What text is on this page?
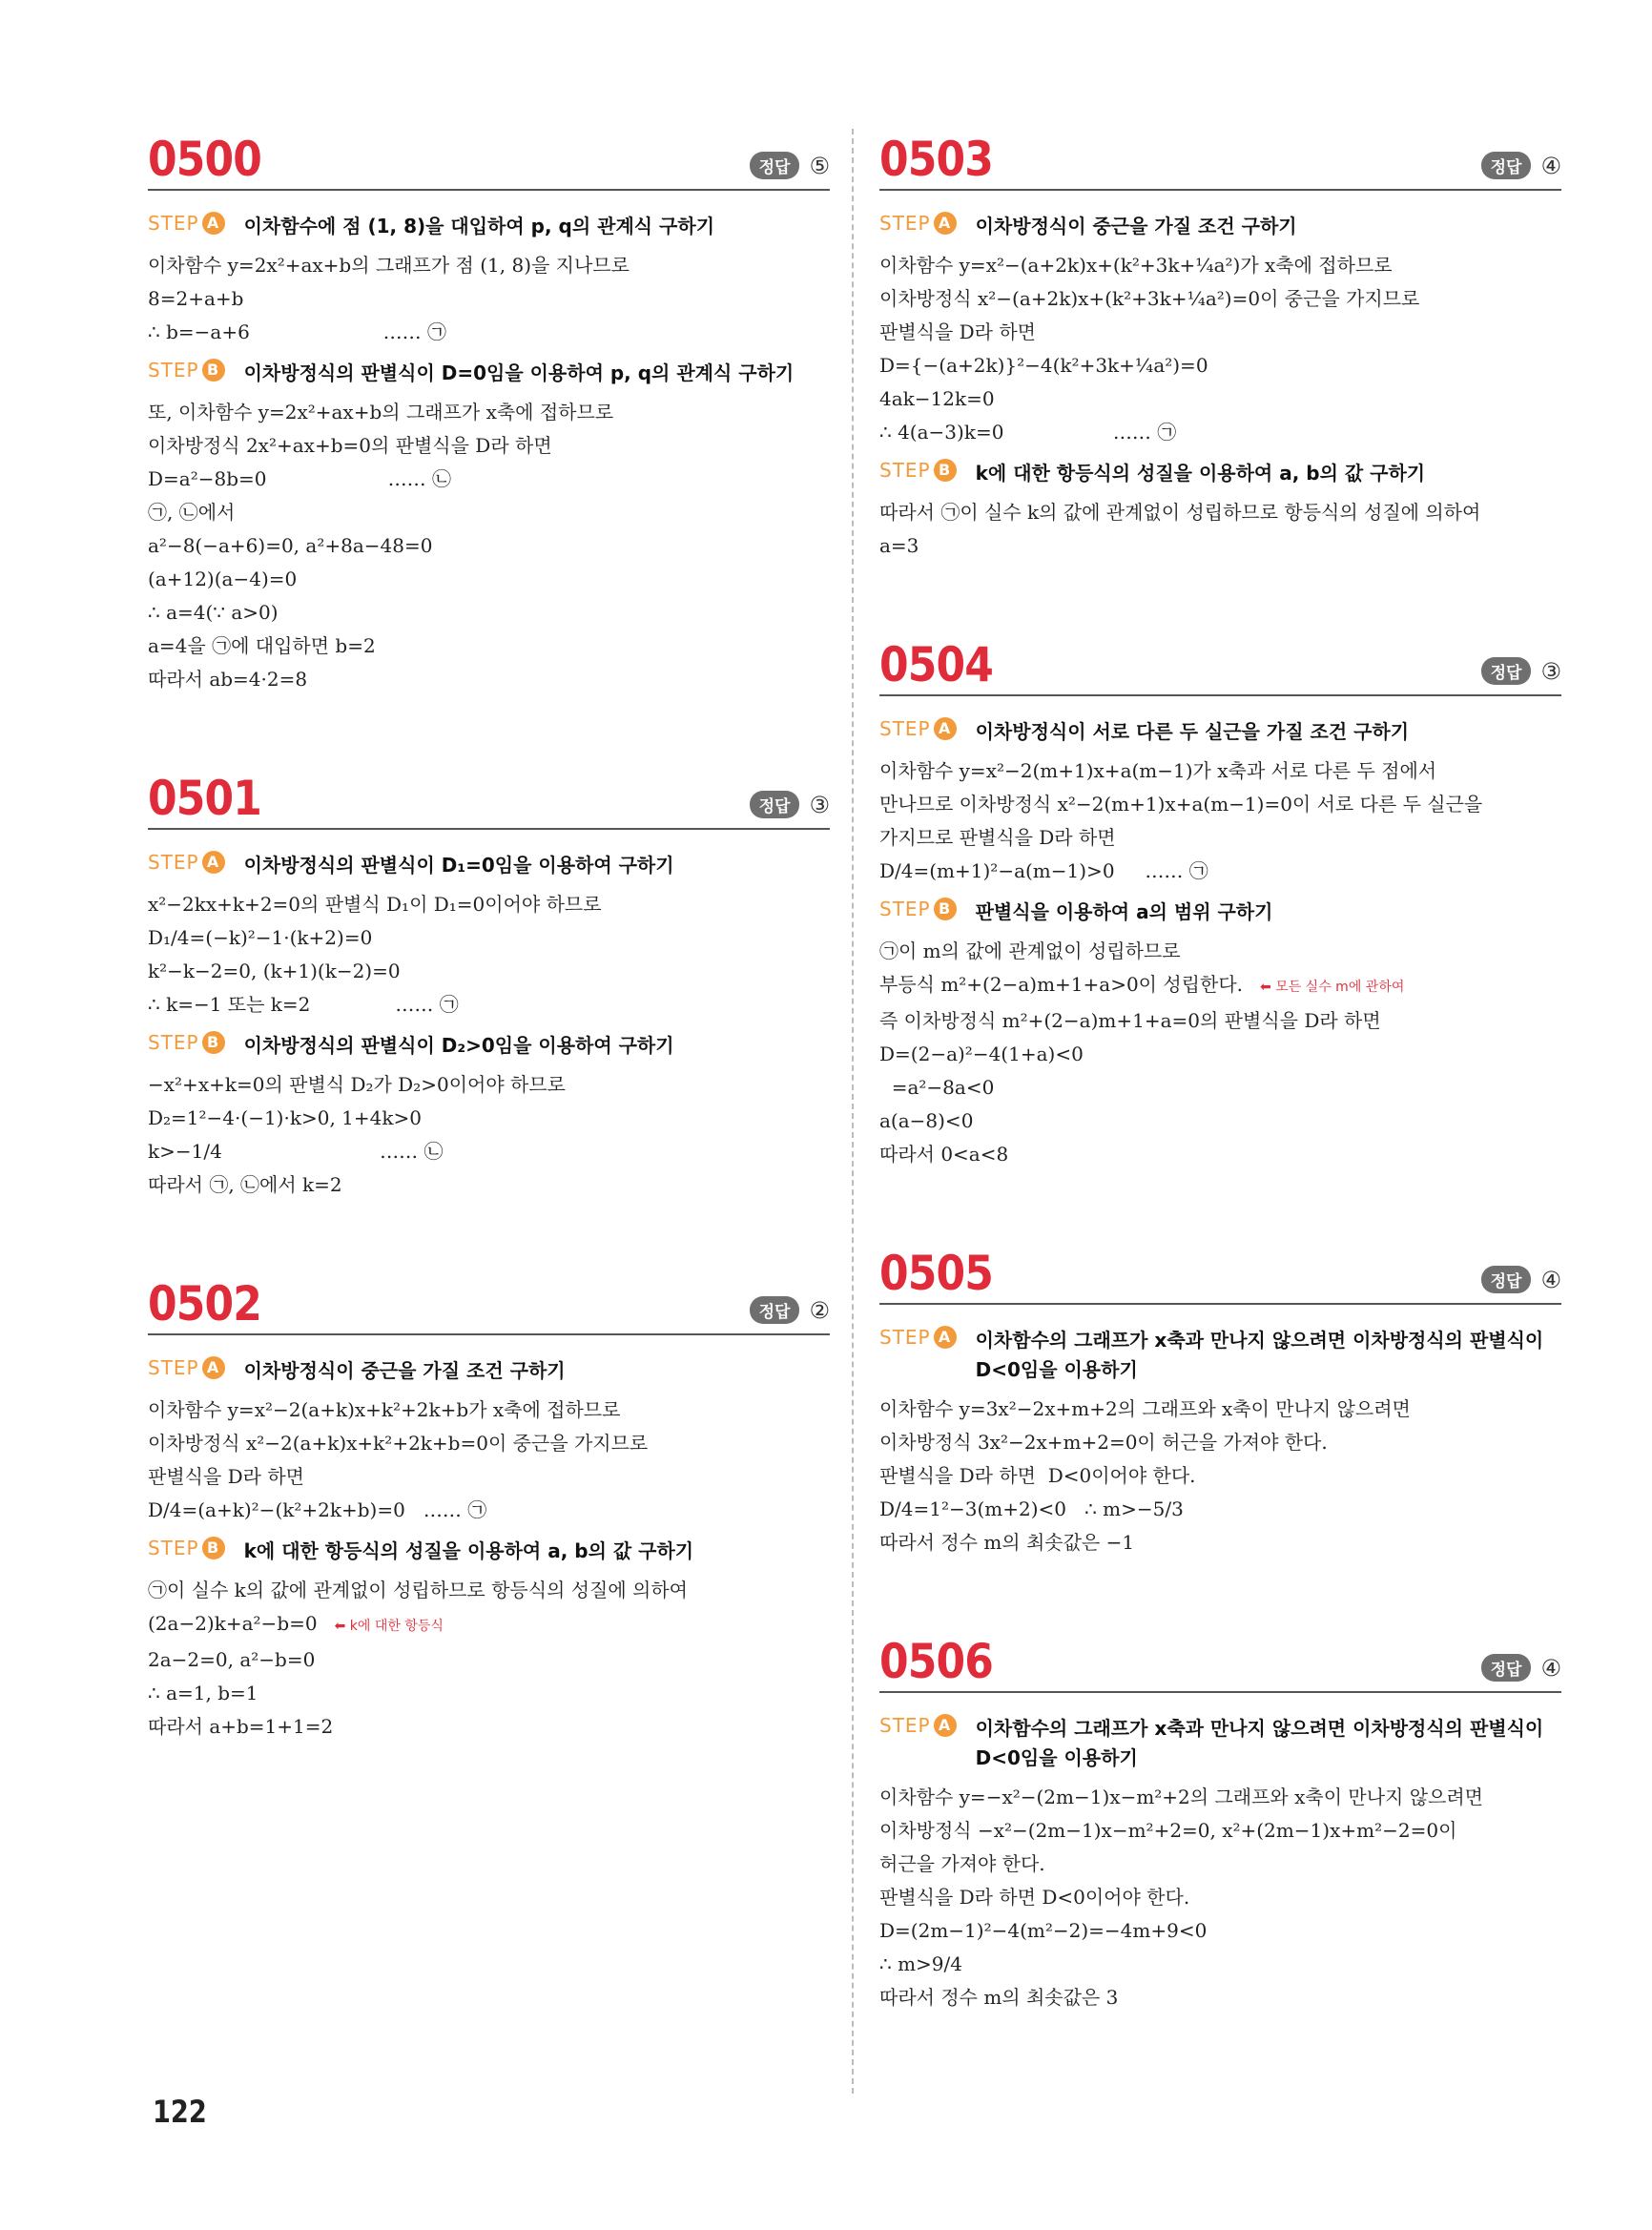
0500	정답 ⑤
STEP A 이차함수에 점 (1, 8)을 대입하여 p, q의 관계식 구하기
이차함수 y=2x²+ax+b의 그래프가 점 (1, 8)을 지나므로
8=2+a+b
∴ b=−a+6                      …… ㉠
STEP B 이차방정식의 판별식이 D=0임을 이용하여 p, q의 관계식 구하기
또, 이차함수 y=2x²+ax+b의 그래프가 x축에 접하므로
이차방정식 2x²+ax+b=0의 판별식을 D라 하면
D=a²−8b=0                    …… ㉡
㉠, ㉡에서
a²−8(−a+6)=0, a²+8a−48=0
(a+12)(a−4)=0
∴ a=4(∵ a>0)
a=4을 ㉠에 대입하면 b=2
따라서 ab=4·2=8
0501	정답 ③
STEP A 이차방정식의 판별식이 D₁=0임을 이용하여 구하기
x²−2kx+k+2=0의 판별식 D₁이 D₁=0이어야 하므로
D₁/4=(−k)²−1·(k+2)=0
k²−k−2=0, (k+1)(k−2)=0
∴ k=−1 또는 k=2              …… ㉠
STEP B 이차방정식의 판별식이 D₂>0임을 이용하여 구하기
−x²+x+k=0의 판별식 D₂가 D₂>0이어야 하므로
D₂=1²−4·(−1)·k>0, 1+4k>0
k>−1/4                          …… ㉡
따라서 ㉠, ㉡에서 k=2
0502	정답 ②
STEP A 이차방정식이 중근을 가질 조건 구하기
이차함수 y=x²−2(a+k)x+k²+2k+b가 x축에 접하므로
이차방정식 x²−2(a+k)x+k²+2k+b=0이 중근을 가지므로
판별식을 D라 하면
D/4=(a+k)²−(k²+2k+b)=0   …… ㉠
STEP B k에 대한 항등식의 성질을 이용하여 a, b의 값 구하기
㉠이 실수 k의 값에 관계없이 성립하므로 항등식의 성질에 의하여
(2a−2)k+a²−b=0 ⬅ k에 대한 항등식
2a−2=0, a²−b=0
∴ a=1, b=1
따라서 a+b=1+1=2
0503	정답 ④
STEP A 이차방정식이 중근을 가질 조건 구하기
이차함수 y=x²−(a+2k)x+(k²+3k+¼a²)가 x축에 접하므로
이차방정식 x²−(a+2k)x+(k²+3k+¼a²)=0이 중근을 가지므로
판별식을 D라 하면
D={−(a+2k)}²−4(k²+3k+¼a²)=0
4ak−12k=0
∴ 4(a−3)k=0                  …… ㉠
STEP B k에 대한 항등식의 성질을 이용하여 a, b의 값 구하기
따라서 ㉠이 실수 k의 값에 관계없이 성립하므로 항등식의 성질에 의하여
a=3
0504	정답 ③
STEP A 이차방정식이 서로 다른 두 실근을 가질 조건 구하기
이차함수 y=x²−2(m+1)x+a(m−1)가 x축과 서로 다른 두 점에서
만나므로 이차방정식 x²−2(m+1)x+a(m−1)=0이 서로 다른 두 실근을
가지므로 판별식을 D라 하면
D/4=(m+1)²−a(m−1)>0     …… ㉠
STEP B 판별식을 이용하여 a의 범위 구하기
㉠이 m의 값에 관계없이 성립하므로
부등식 m²+(2−a)m+1+a>0이 성립한다. ⬅ 모든 실수 m에 관하여
즉 이차방정식 m²+(2−a)m+1+a=0의 판별식을 D라 하면
D=(2−a)²−4(1+a)<0
=a²−8a<0
a(a−8)<0
따라서 0<a<8
0505	정답 ④
STEP A 이차함수의 그래프가 x축과 만나지 않으려면 이차방정식의 판별식이 D<0임을 이용하기
이차함수 y=3x²−2x+m+2의 그래프와 x축이 만나지 않으려면
이차방정식 3x²−2x+m+2=0이 허근을 가져야 한다.
판별식을 D라 하면  D<0이어야 한다.
D/4=1²−3(m+2)<0   ∴ m>−5/3
따라서 정수 m의 최솟값은 −1
0506	정답 ④
STEP A 이차함수의 그래프가 x축과 만나지 않으려면 이차방정식의 판별식이 D<0임을 이용하기
이차함수 y=−x²−(2m−1)x−m²+2의 그래프와 x축이 만나지 않으려면
이차방정식 −x²−(2m−1)x−m²+2=0, x²+(2m−1)x+m²−2=0이
허근을 가져야 한다.
판별식을 D라 하면 D<0이어야 한다.
D=(2m−1)²−4(m²−2)=−4m+9<0
∴ m>9/4
따라서 정수 m의 최솟값은 3
122
